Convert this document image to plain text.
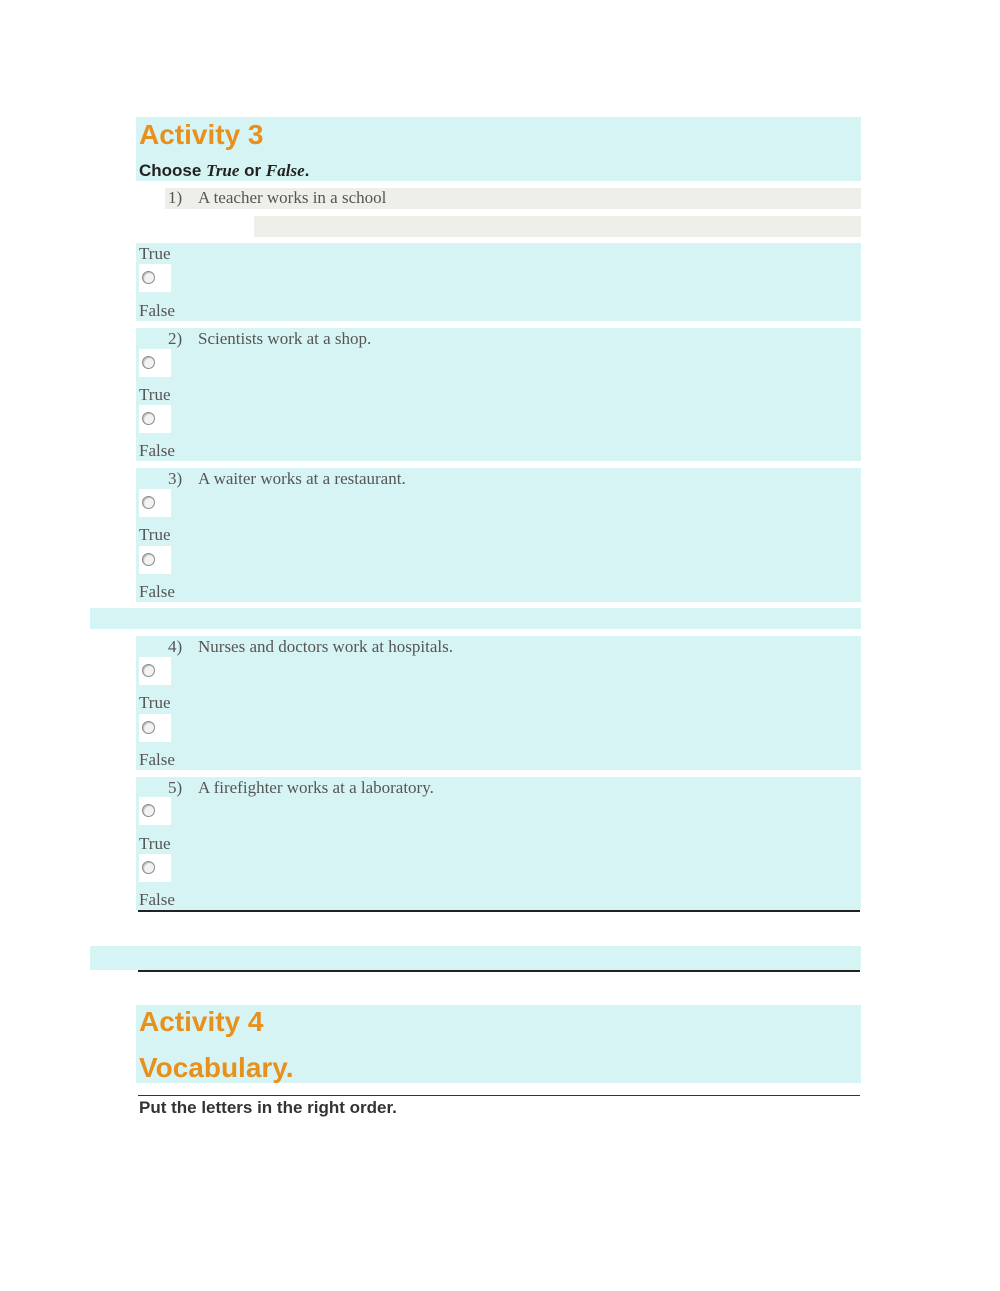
Activity 3
Choose True or False.
1) A teacher works in a school
True
False
2) Scientists work at a shop.
True
False
3) A waiter works at a restaurant.
True
False
4) Nurses and doctors work at hospitals.
True
False
5) A firefighter works at a laboratory.
True
False
Activity 4
Vocabulary.
Put the letters in the right order.
